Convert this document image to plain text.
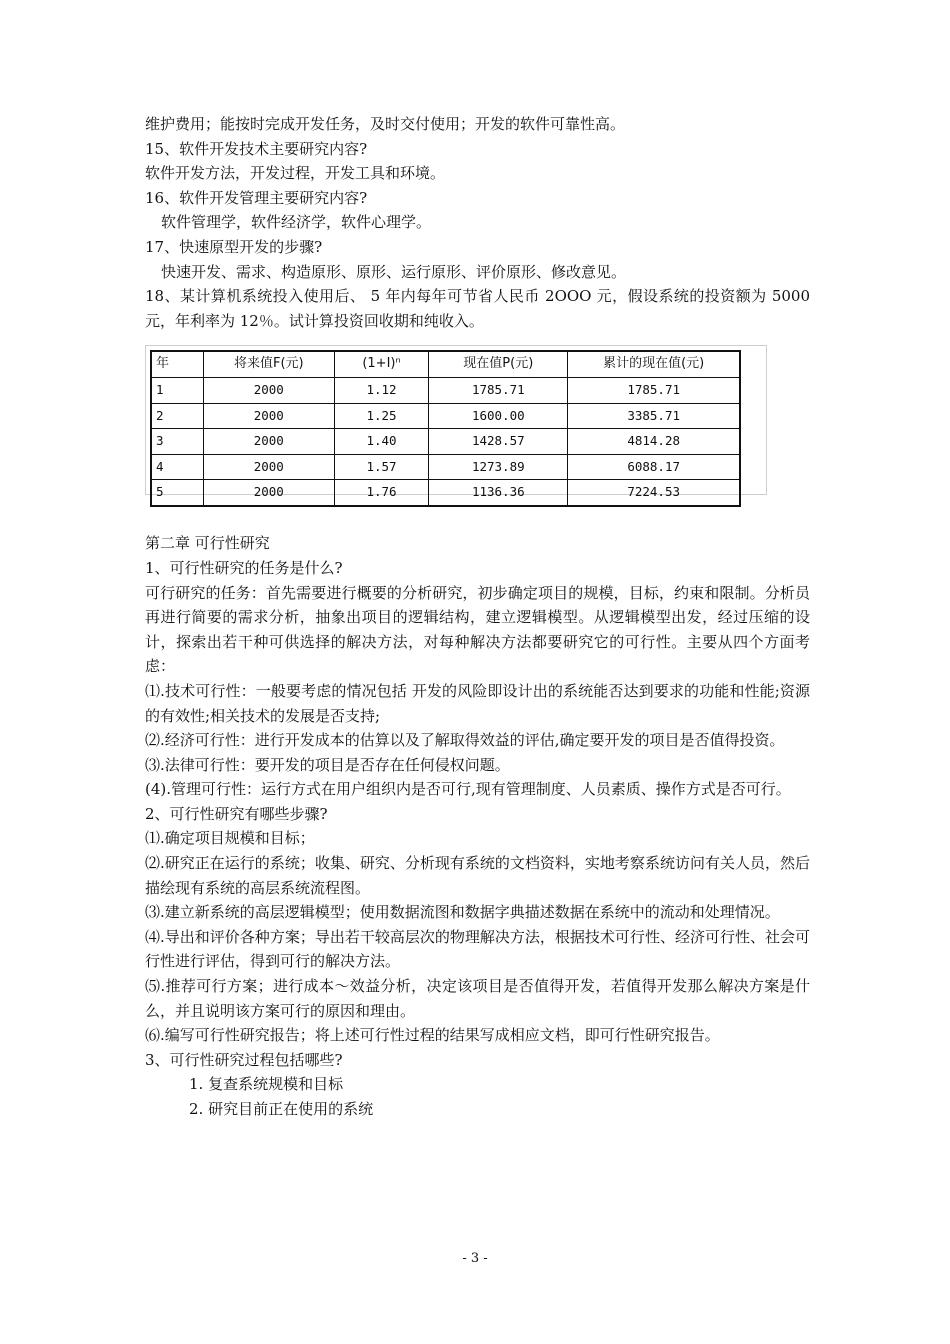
维护费用；能按时完成开发任务，及时交付使用；开发的软件可靠性高。
15、软件开发技术主要研究内容?
软件开发方法，开发过程，开发工具和环境。
16、软件开发管理主要研究内容?
软件管理学，软件经济学，软件心理学。
17、快速原型开发的步骤?
快速开发、需求、构造原形、原形、运行原形、评价原形、修改意见。
18、某计算机系统投入使用后、 5 年内每年可节省人民币 2OOO 元，假设系统的投资额为 5000 元，年利率为 12％。试计算投资回收期和纯收入。
年	将来值F(元)	(1+I)ⁿ	现在值P(元)	累计的现在值(元)
1	2000	1.12	1785.71	1785.71
2	2000	1.25	1600.00	3385.71
3	2000	1.40	1428.57	4814.28
4	2000	1.57	1273.89	6088.17
5	2000	1.76	1136.36	7224.53
第二章 可行性研究
1、可行性研究的任务是什么?
可行研究的任务：首先需要进行概要的分析研究，初步确定项目的规模，目标，约束和限制。分析员再进行简要的需求分析，抽象出项目的逻辑结构，建立逻辑模型。从逻辑模型出发，经过压缩的设计，探索出若干种可供选择的解决方法，对每种解决方法都要研究它的可行性。主要从四个方面考虑：
⑴.技术可行性：一般要考虑的情况包括 开发的风险即设计出的系统能否达到要求的功能和性能;资源的有效性;相关技术的发展是否支持;
⑵.经济可行性：进行开发成本的估算以及了解取得效益的评估,确定要开发的项目是否值得投资。
⑶.法律可行性：要开发的项目是否存在任何侵权问题。
(4).管理可行性：运行方式在用户组织内是否可行,现有管理制度、人员素质、操作方式是否可行。
2、可行性研究有哪些步骤?
⑴.确定项目规模和目标；
⑵.研究正在运行的系统；收集、研究、分析现有系统的文档资料，实地考察系统访问有关人员，然后描绘现有系统的高层系统流程图。
⑶.建立新系统的高层逻辑模型；使用数据流图和数据字典描述数据在系统中的流动和处理情况。
⑷.导出和评价各种方案；导出若干较高层次的物理解决方法，根据技术可行性、经济可行性、社会可行性进行评估，得到可行的解决方法。
⑸.推荐可行方案；进行成本～效益分析，决定该项目是否值得开发，若值得开发那么解决方案是什么，并且说明该方案可行的原因和理由。
⑹.编写可行性研究报告；将上述可行性过程的结果写成相应文档，即可行性研究报告。
3、可行性研究过程包括哪些?
1. 复查系统规模和目标
2. 研究目前正在使用的系统
- 3 -
